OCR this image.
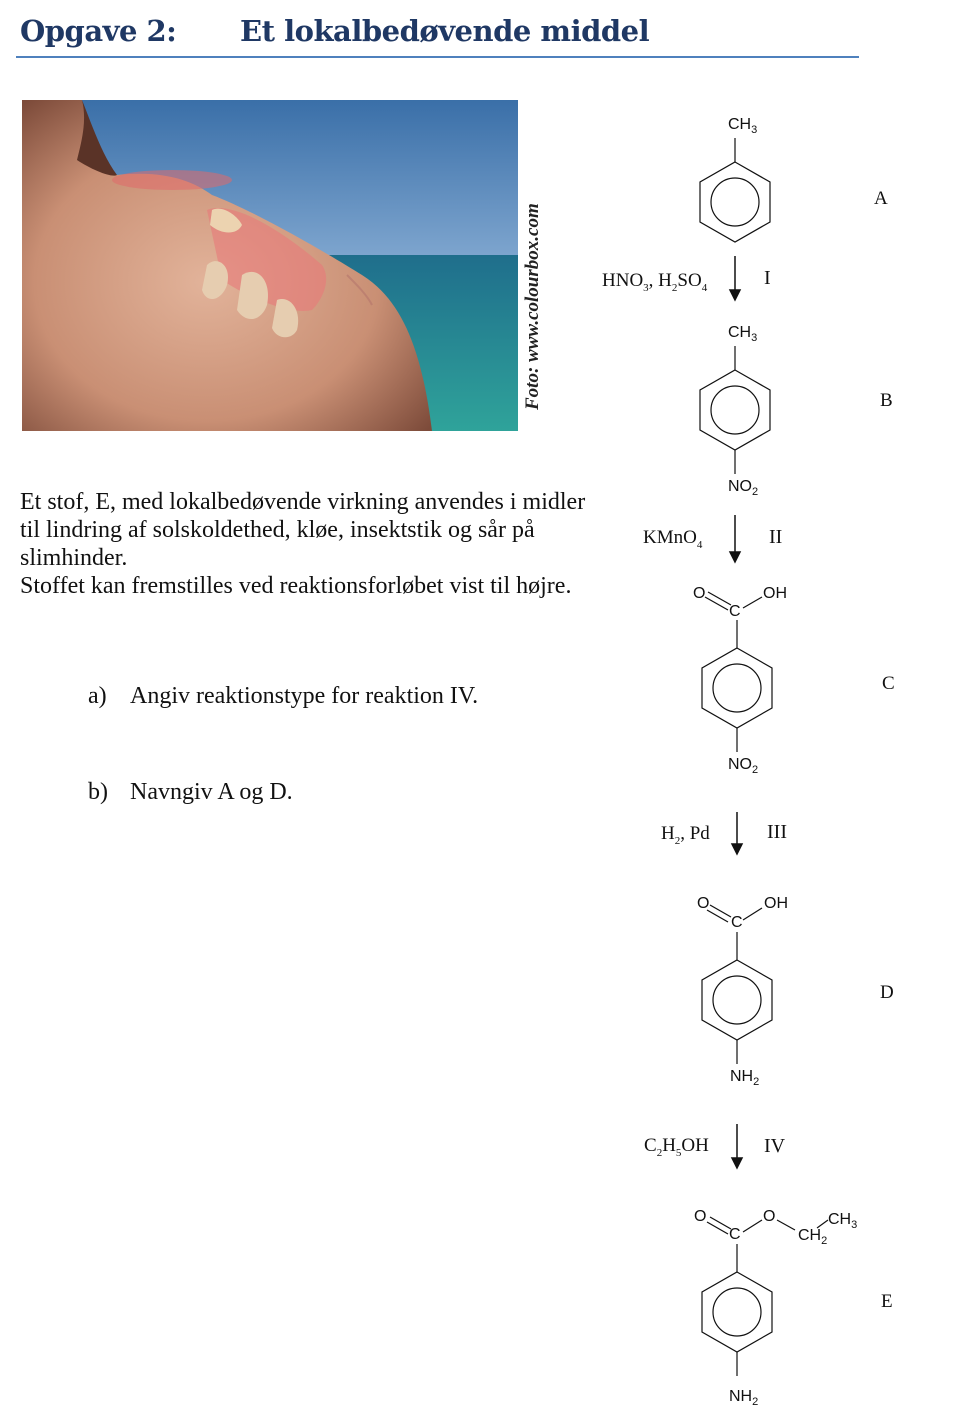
Opgave 2: Et lokalbedøvende middel
Foto: www.colourbox.com

Et stof, E, med lokalbedøvende virkning anvendes i midler til lindring af solskoldethed, kløe, insektstik og sår på slimhinder.

Stoffet kan fremstilles ved reaktionsforløbet vist til højre.

a) Angiv reaktionstype for reaktion IV.
b) Navngiv A og D.
A
B
C
D
E
$HNO_3$, $H_2SO_4$	I
KMnO$_4$	II
$H_2$, Pd	III
$C_2H_5OH$	IV
$CH_3$
$CH_3$
$NO_2$
O	OH
C
$NO_2$
O	OH
C
$NH_2$
O	O
C	$CH_2$
$CH_3$
$NH_2$
